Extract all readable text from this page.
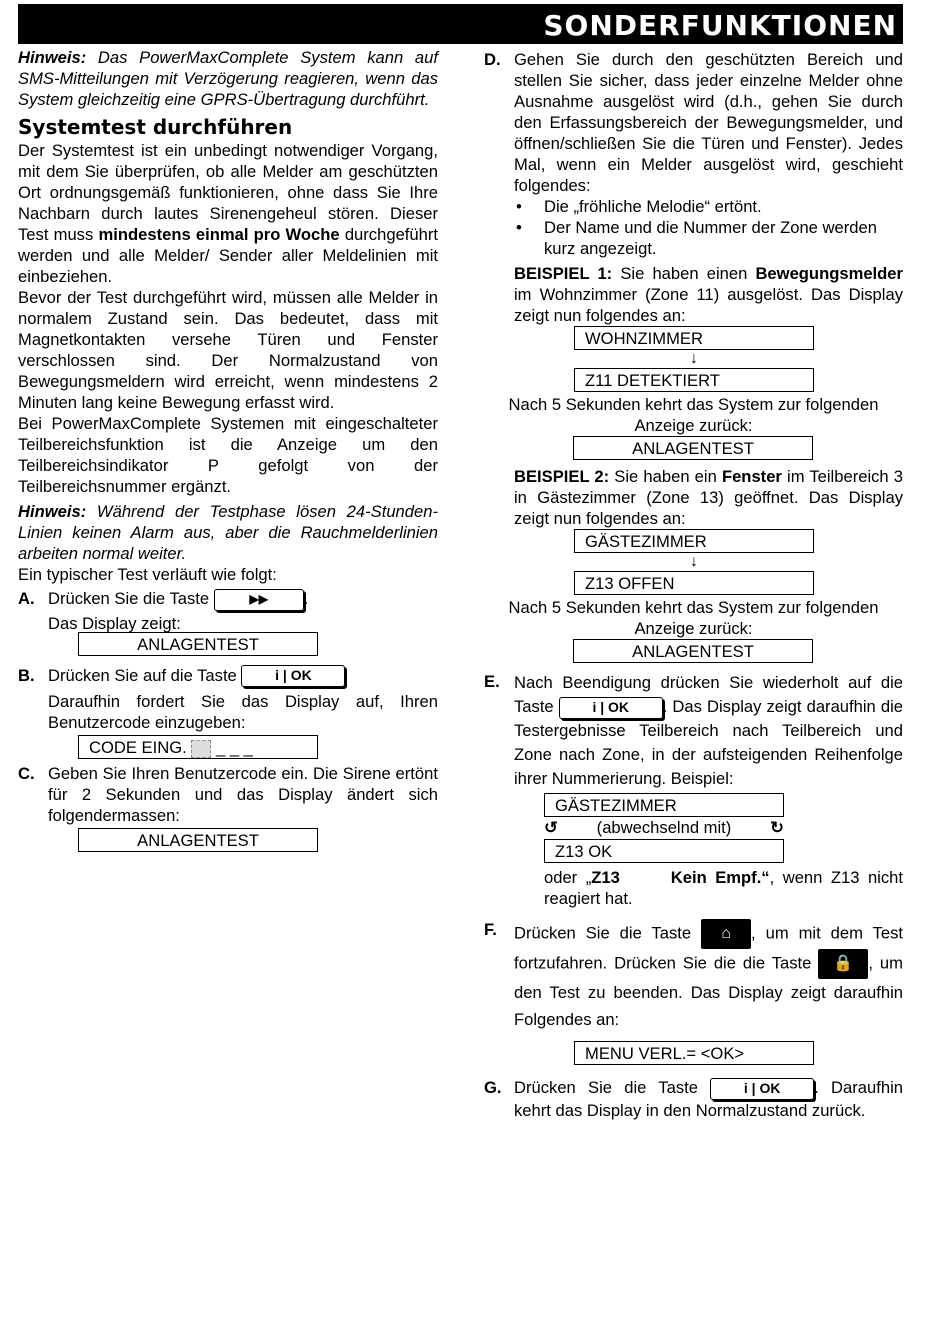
SONDERFUNKTIONEN

Hinweis: Das PowerMaxComplete System kann auf SMS-Mitteilungen mit Verzögerung reagieren, wenn das System gleichzeitig eine GPRS-Übertragung durchführt.

Systemtest durchführen

Der Systemtest ist ein unbedingt notwendiger Vorgang, mit dem Sie überprüfen, ob alle Melder am geschützten Ort ordnungsgemäß funktionieren, ohne dass Sie Ihre Nachbarn durch lautes Sirenengeheul stören. Dieser Test muss mindestens einmal pro Woche durchgeführt werden und alle Melder/ Sender aller Meldelinien mit einbeziehen.

Bevor der Test durchgeführt wird, müssen alle Melder in normalem Zustand sein. Das bedeutet, dass mit Magnetkontakten versehe Türen und Fenster verschlossen sind. Der Normalzustand von Bewegungsmeldern wird erreicht, wenn mindestens 2 Minuten lang keine Bewegung erfasst wird.

Bei PowerMaxComplete Systemen mit eingeschalteter Teilbereichsfunktion ist die Anzeige um den Teilbereichsindikator P gefolgt von der Teilbereichsnummer ergänzt.

Hinweis: Während der Testphase lösen 24-Stunden-Linien keinen Alarm aus, aber die Rauchmelderlinien arbeiten normal weiter.

Ein typischer Test verläuft wie folgt:

A. Drücken Sie die Taste	▶▶ .
Das Display zeigt:
ANLAGENTEST
B. Drücken Sie auf die Taste	i | OK

Daraufhin fordert Sie das Display auf, Ihren Benutzercode einzugeben:

CODE EING. _ _ _
C. Geben Sie Ihren Benutzercode ein. Die Sirene ertönt für 2 Sekunden und das Display ändert sich folgendermassen:

ANLAGENTEST
D. Gehen Sie durch den geschützten Bereich und stellen Sie sicher, dass jeder einzelne Melder ohne Ausnahme ausgelöst wird (d.h., gehen Sie durch den Erfassungsbereich der Bewegungsmelder, und öffnen/schließen Sie die Türen und Fenster). Jedes Mal, wenn ein Melder ausgelöst wird, geschieht folgendes:

• Die „fröhliche Melodie“ ertönt.
• Der Name und die Nummer der Zone werden kurz angezeigt.

BEISPIEL 1: Sie haben einen Bewegungsmelder im Wohnzimmer (Zone 11) ausgelöst. Das Display zeigt nun folgendes an:

WOHNZIMMER
↓
Z11 DETEKTIERT

Nach 5 Sekunden kehrt das System zur folgenden Anzeige zurück:

ANLAGENTEST

BEISPIEL 2: Sie haben ein Fenster im Teilbereich 3 in Gästezimmer (Zone 13) geöffnet. Das Display zeigt nun folgendes an:

GÄSTEZIMMER
↓
Z13 OFFEN

Nach 5 Sekunden kehrt das System zur folgenden Anzeige zurück:

ANLAGENTEST
E. Nach Beendigung drücken Sie wiederholt auf die Taste	i | OK . Das Display zeigt daraufhin die Testergebnisse Teilbereich nach Teilbereich und Zone nach Zone, in der aufsteigenden Reihenfolge ihrer Nummerierung. Beispiel:

GÄSTEZIMMER
↺ (abwechselnd mit) ↻
Z13 OK

oder „Z13      Kein Empf.“, wenn Z13 nicht reagiert hat.

F. Drücken Sie die Taste ⌂ , um mit dem Test fortzufahren. Drücken Sie die die Taste 🔒 , um den Test zu beenden. Das Display zeigt daraufhin Folgendes an:

MENU VERL.= <OK>
G. Drücken Sie die Taste	i | OK . Daraufhin kehrt das Display in den Normalzustand zurück.
